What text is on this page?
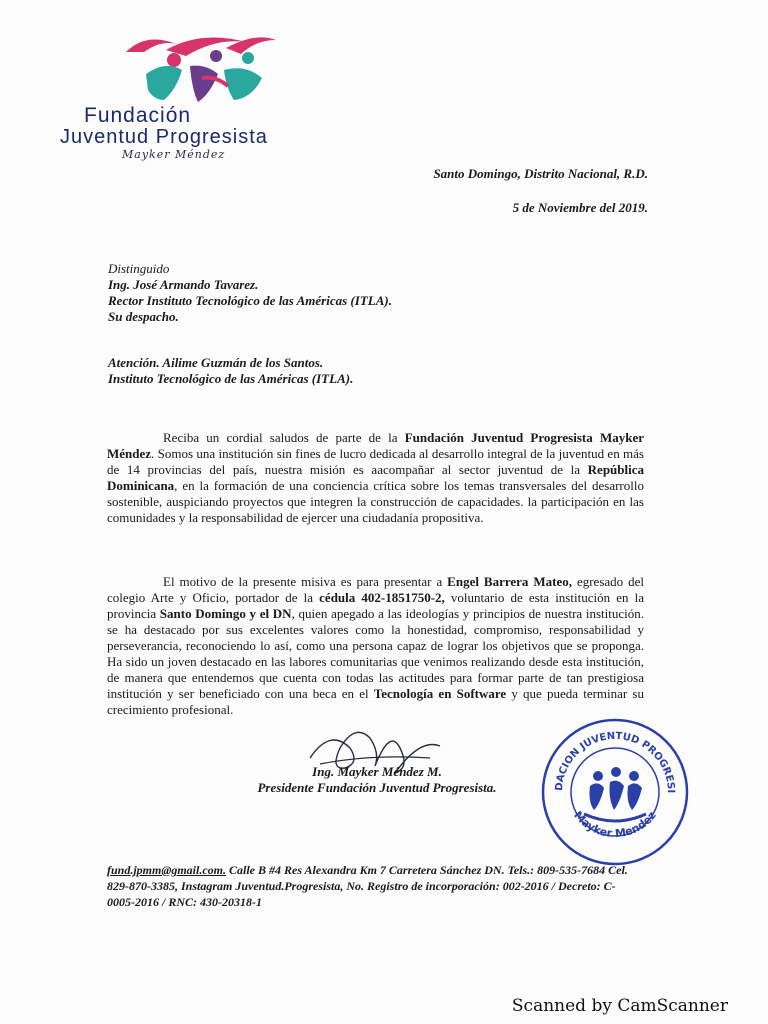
Fundación
Juventud Progresista
Mayker Méndez
Santo Domingo, Distrito Nacional, R.D.
5 de Noviembre del 2019.
Distinguido
Ing. José Armando Tavarez.
Rector Instituto Tecnológico de las Américas (ITLA).
Su despacho.
Atención. Ailime Guzmán de los Santos.
Instituto Tecnológico de las Américas (ITLA).
Reciba un cordial saludos de parte de la Fundación Juventud Progresista Mayker Méndez. Somos una institución sin fines de lucro dedicada al desarrollo integral de la juventud en más de 14 provincias del país, nuestra misión es aacompañar al sector juventud de la República Dominicana, en la formación de una conciencia crítica sobre los temas transversales del desarrollo sostenible, auspiciando proyectos que integren la construcción de capacidades. la participación en las comunidades y la responsabilidad de ejercer una ciudadanía propositiva.
El motivo de la presente misiva es para presentar a Engel Barrera Mateo, egresado del colegio Arte y Oficio, portador de la cédula 402-1851750-2, voluntario de esta institución en la provincia Santo Domingo y el DN, quien apegado a las ideologías y principios de nuestra institución. se ha destacado por sus excelentes valores como la honestidad, compromiso, responsabilidad y perseverancia, reconociendo lo así, como una persona capaz de lograr los objetivos que se proponga. Ha sido un joven destacado en las labores comunitarias que venimos realizando desde esta institución, de manera que entendemos que cuenta con todas las actitudes para formar parte de tan prestigiosa institución y ser beneficiado con una beca en el Tecnología en Software y que pueda terminar su crecimiento profesional.
Ing. Mayker Méndez M.
Presidente Fundación Juventud Progresista.	DACION JUVENTUD PROGRESI
Mayker Mendez
fund.jpmm@gmail.com. Calle B #4 Res Alexandra Km 7 Carretera Sánchez DN. Tels.: 809-535-7684 Cel. 829-870-3385, Instagram Juventud.Progresista, No. Registro de incorporación: 002-2016 / Decreto: C-0005-2016 / RNC: 430-20318-1
Scanned by CamScanner
